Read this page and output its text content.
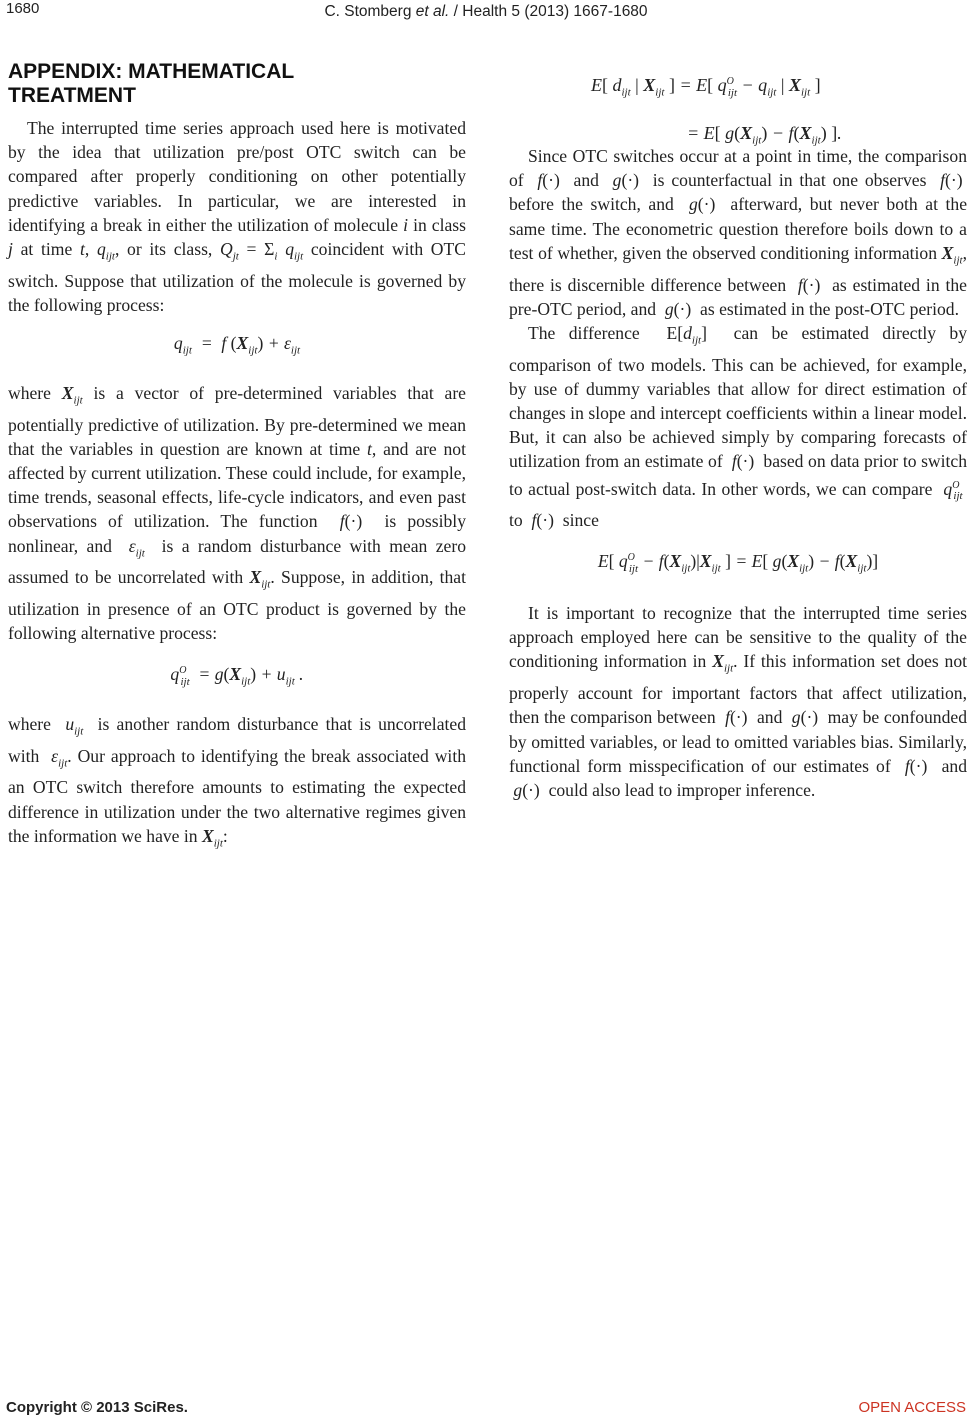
1680	C. Stomberg et al. / Health 5 (2013) 1667-1680
APPENDIX: MATHEMATICAL
TREATMENT

The interrupted time series approach used here is motivated by the idea that utilization pre/post OTC switch can be compared after properly conditioning on other potentially predictive variables. In particular, we are interested in identifying a break in either the utilization of molecule i in class j at time t, $q_{ijt}$, or its class, $Q_{jt} = \Sigma_i$ $q_{ijt}$ coincident with OTC switch. Suppose that utilization of the molecule is governed by the following process:

$q_{ijt} = f$ $(X_{ijt}) + \varepsilon_{ijt}$

where $X_{ijt}$ is a vector of pre-determined variables that are potentially predictive of utilization. By pre-determined we mean that the variables in question are known at time t, and are not affected by current utilization. These could include, for example, time trends, seasonal effects, life-cycle indicators, and even past observations of utilization. The function  f(·)  is possibly nonlinear, and  $\varepsilon_{ijt}$  is a random disturbance with mean zero assumed to be uncorrelated with $X_{ijt}$. Suppose, in addition, that utilization in presence of an OTC product is governed by the following alternative process:

$q^O_{ijt} = g(X_{ijt}) + u_{ijt}$ .

where  $u_{ijt}$  is another random disturbance that is uncorrelated with  $\varepsilon_{ijt}$. Our approach to identifying the break associated with an OTC switch therefore amounts to estimating the expected difference in utilization under the two alternative regimes given the information we have in $X_{ijt}$:

E[ $d_{ijt}$ | $X_{ijt}$ ] = E[ $q^O_{ijt} - q_{ijt}$ | $X_{ijt}$ ]
= E[ $g(X_{ijt}) - f(X_{ijt})$ ].

Since OTC switches occur at a point in time, the comparison of  f(·)  and  g(·)  is counterfactual in that one observes  f(·)  before the switch, and  g(·)  afterward, but never both at the same time. The econometric question therefore boils down to a test of whether, given the observed conditioning information $X_{ijt}$, there is discernible difference between  f(·)  as estimated in the pre-OTC period, and  g(·)  as estimated in the post-OTC period.

The difference  $E[d_{ijt}]$  can be estimated directly by comparison of two models. This can be achieved, for example, by use of dummy variables that allow for direct estimation of changes in slope and intercept coefficients within a linear model. But, it can also be achieved simply by comparing forecasts of utilization from an estimate of  f(·)  based on data prior to switch to actual post-switch data. In other words, we can compare  $q^O_{ijt}$  to  f(·)  since

E[ $q^O_{ijt} - f(X_{ijt})|X_{ijt}$ ] = E[ $g(X_{ijt}) - f(X_{ijt})$]

It is important to recognize that the interrupted time series approach employed here can be sensitive to the quality of the conditioning information in $X_{ijt}$. If this information set does not properly account for important factors that affect utilization, then the comparison between  f(·)  and  g(·)  may be confounded by omitted variables, or lead to omitted variables bias. Similarly, functional form misspecification of our estimates of  f(·)  and  g(·)  could also lead to improper inference.

Copyright © 2013 SciRes.	OPEN ACCESS
